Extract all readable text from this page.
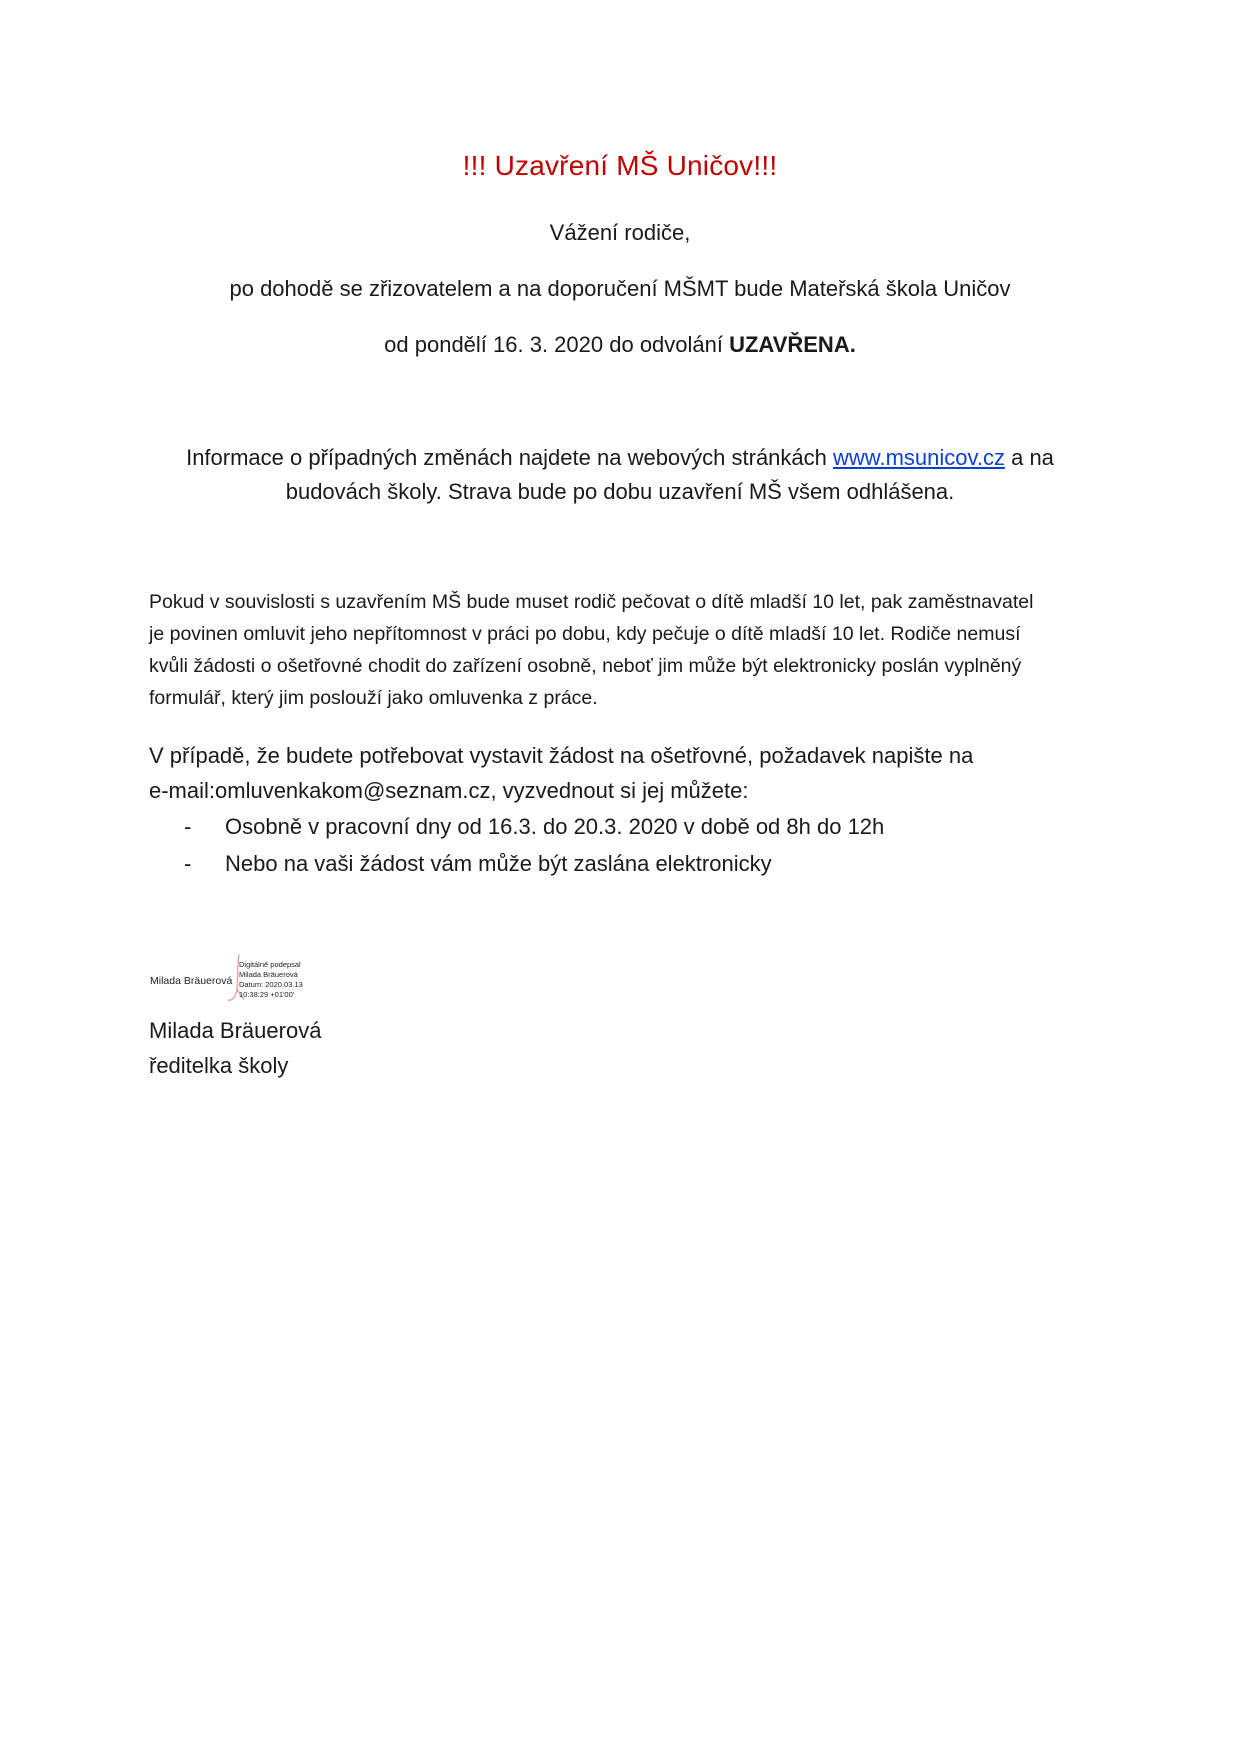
!!! Uzavření MŠ Uničov!!!
Vážení rodiče,
po dohodě se zřizovatelem a na doporučení MŠMT bude Mateřská škola Uničov
od pondělí 16. 3. 2020 do odvolání UZAVŘENA.
Informace o případných změnách najdete na webových stránkách www.msunicov.cz a na
budovách školy. Strava bude po dobu uzavření MŠ všem odhlášena.
Pokud v souvislosti s uzavřením MŠ bude muset rodič pečovat o dítě mladší 10 let, pak zaměstnavatel
je povinen omluvit jeho nepřítomnost v práci po dobu, kdy pečuje o dítě mladší 10 let. Rodiče nemusí
kvůli žádosti o ošetřovné chodit do zařízení osobně, neboť jim může být elektronicky poslán vyplněný
formulář, který jim poslouží jako omluvenka z práce.
V případě, že budete potřebovat vystavit žádost na ošetřovné, požadavek napište na
e-mail:omluvenkakom@seznam.cz, vyzvednout si jej můžete:
- Osobně v pracovní dny od 16.3. do 20.3. 2020 v době od 8h do 12h
- Nebo na vaši žádost vám může být zaslána elektronicky
Milada Bräuerová
Digitálně podepsal
Milada Bräuerová
Datum: 2020.03.13
10:38:29 +01'00'
Milada Bräuerová
ředitelka školy
